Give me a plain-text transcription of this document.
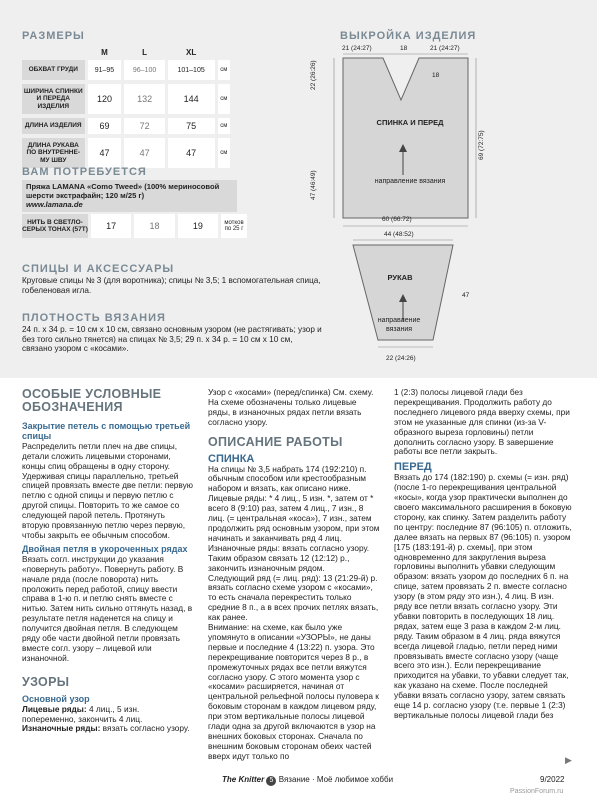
РАЗМЕРЫ
	M	L	XL	
ОБХВАТ ГРУДИ	91–95	96–100	101–105	см

ШИРИНА СПИНКИ И ПЕРЕДА ИЗДЕЛИЯ	120	132	144	см

ДЛИНА ИЗДЕЛИЯ	69	72	75	см

ДЛИНА РУКАВА ПО ВНУТРЕННЕ-МУ ШВУ	47	47	47	см
ВАМ ПОТРЕБУЕТСЯ
Пряжа LAMANA «Como Tweed» (100% мериносовой шерсти экстрафайн; 120 м/25 г)
www.lamana.de
НИТЬ В СВЕТЛО-СЕРЫХ ТОНАХ (57T)	17	18	19	мотков по 25 г
СПИЦЫ И АКСЕССУАРЫ
Круговые спицы № 3 (для воротника); спицы № 3,5; 1 вспомогательная спица, гобеленовая игла.
ПЛОТНОСТЬ ВЯЗАНИЯ
24 п. х 34 р. = 10 см х 10 см, связано основным узором (не растягивать; узор и без того сильно тянется) на спицах № 3,5; 29 п. х 34 р. = 10 см х 10 см, связано узором с «косами».
ВЫКРОЙКА ИЗДЕЛИЯ
21 (24:27)	18	21 (24:27)
18
22 (26:26)
47 (46:49)
69 (72:75)
СПИНКА И ПЕРЕД
направление вязания
60 (66:72)
44 (48:52)
РУКАВ
47
направление вязания
22 (24:26)
ОСОБЫЕ УСЛОВНЫЕ ОБОЗНАЧЕНИЯ
Закрытие петель с помощью третьей спицы

Распределить петли плеч на две спицы, детали сложить лицевыми сторонами, концы спиц обращены в одну сторону. Удерживая спицы параллельно, третьей спицей провязать вместе две петли: первую петлю с одной спицы и первую петлю с другой спицы. Повторить то же самое со следующей парой петель. Протянуть вторую провязанную петлю через первую, чтобы закрыть ее обычным способом.

Двойная петля в укороченных рядах

Вязать согл. инструкции до указания «повернуть работу». Повернуть работу. В начале ряда (после поворота) нить проложить перед работой, спицу ввести справа в 1-ю п. и петлю снять вместе с нитью. Затем нить сильно оттянуть назад, в результате петля наденется на спицу и получится двойная петля. В следующем ряду обе части двойной петли провязать вместе согл. узору – лицевой или изнаночной.

УЗОРЫ
Основной узор

Лицевые ряды: 4 лиц., 5 изн. попеременно, закончить 4 лиц.

Изнаночные ряды: вязать согласно узору.

Узор с «косами» (перед/спинка) См. схему. На схеме обозначены только лицевые ряды, в изнаночных рядах петли вязать согласно узору.

ОПИСАНИЕ РАБОТЫ
СПИНКА

На спицы № 3,5 набрать 174 (192:210) п. обычным способом или крестообразным набором и вязать, как описано ниже.

Лицевые ряды: * 4 лиц., 5 изн. *, затем от * всего 8 (9:10) раз, затем 4 лиц., 7 изн., 8 лиц. (= центральная «коса»), 7 изн., затем продолжить ряд основным узором, при этом начинать и заканчивать ряд 4 лиц.

Изнаночные ряды: вязать согласно узору. Таким образом связать 12 (12:12) р., закончить изнаночным рядом.

Следующий ряд (= лиц. ряд): 13 (21:29-й) р. вязать согласно схеме узором с «косами», то есть сначала перекрестить только средние 8 п., а в всех прочих петлях вязать, как ранее.

Внимание: на схеме, как было уже упомянуто в описании «УЗОРЫ», не даны первые и последние 4 (13:22) п. узора. Это перекрещивание повторится через 8 р., в промежуточных рядах все петли вяжутся согласно узору. С этого момента узор с «косами» расширяется, начиная от центральной рельефной полосы пуловера к боковым сторонам в каждом лицевом ряду, при этом вертикальные полосы лицевой глади одна за другой включаются в узор на внешних боковых сторонах. Сначала по внешним боковым сторонам обеих частей вверх идут только по

1 (2:3) полосы лицевой глади без перекрещивания. Продолжить работу до последнего лицевого ряда вверху схемы, при этом не указанные для спинки (из-за V-образного выреза горловины) петли дополнить согласно узору. В завершение работы все петли закрыть.

ПЕРЕД

Вязать до 174 (182:190) р. схемы (= изн. ряд) (после 1-го перекрещивания центральной «косы», когда узор практически выполнен до своего максимального расширения в боковую сторону, как спинку. Затем разделить работу по центру: последние 87 (96:105) п. отложить, далее вязать на первых 87 (96:105) п. узором [175 (183:191-й) р. схемы], при этом одновременно для закругления выреза горловины выполнить убавки следующим образом: вязать узором до последних 6 п. на спице, затем провязать 2 п. вместе согласно узору (в этом ряду это изн.), 4 лиц. В изн. ряду все петли вязать согласно узору. Эти убавки повторить в последующих 18 лиц. рядах, затем еще 3 раза в каждом 2-м лиц. ряду. Таким образом в 4 лиц. ряда вяжутся всегда лицевой гладью, петли перед ними провязывать вместе согласно узору (чаще всего это изн.). Если перекрещивание приходится на убавки, то убавки следует так, как указано на схеме. После последней убавки вязать согласно узору, затем связать еще 14 р. согласно узору (т.е. первые 1 (2:3) вертикальные полосы лицевой глади без

▶
The Knitter 5 Вязание · Моё любимое хобби	9/2022
PassionForum.ru
